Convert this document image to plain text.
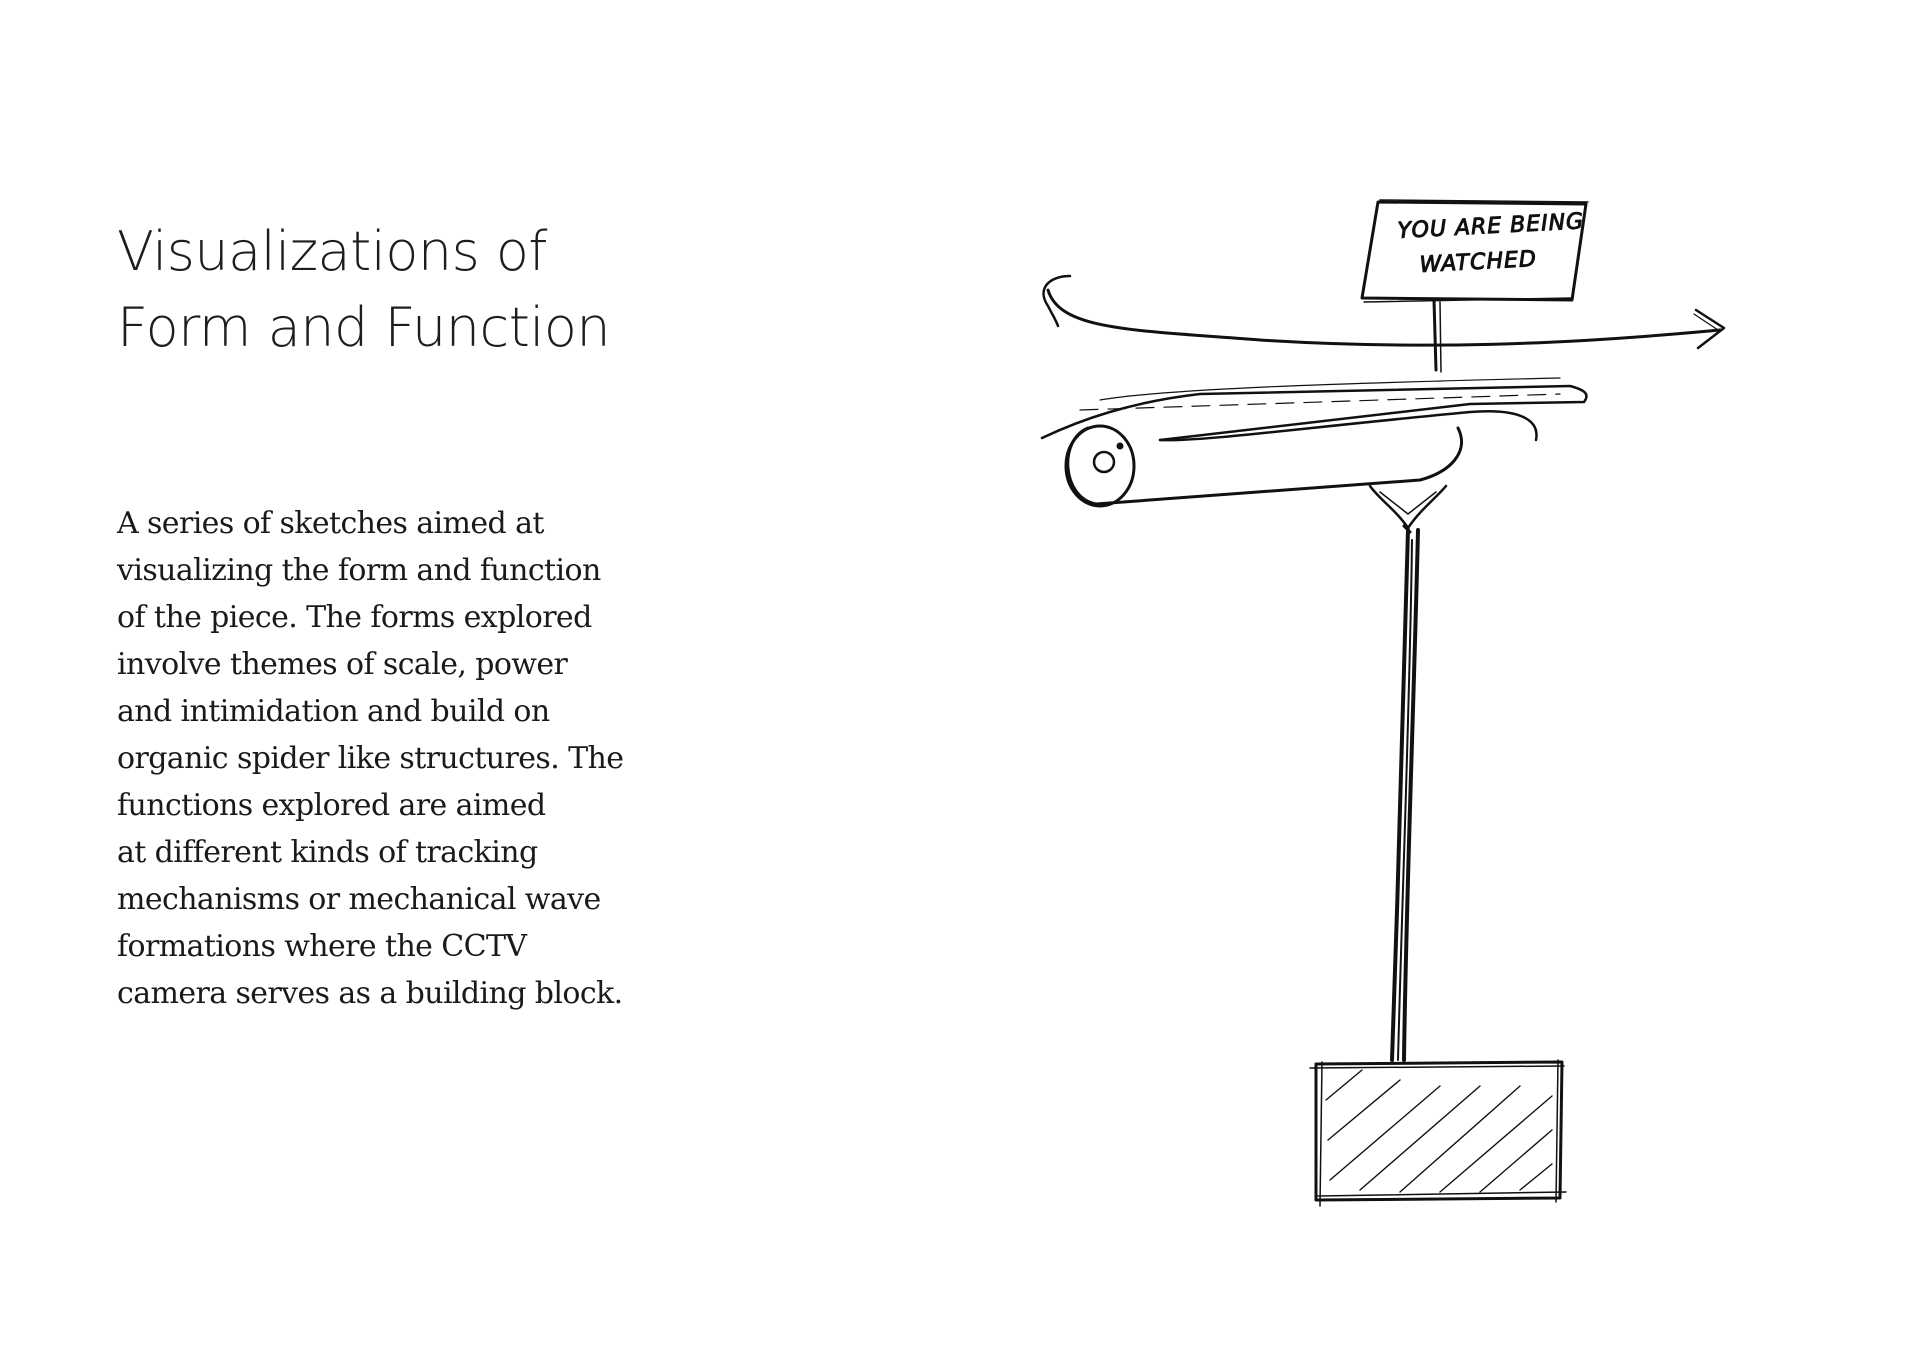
Visualizations of
Form and Function

A series of sketches aimed at
visualizing the form and function
of the piece. The forms explored
involve themes of scale, power
and intimidation and build on
organic spider like structures. The
functions explored are aimed
at different kinds of tracking
mechanisms or mechanical wave
formations where the CCTV
camera serves as a building block.

YOU ARE BEING
WATCHED
